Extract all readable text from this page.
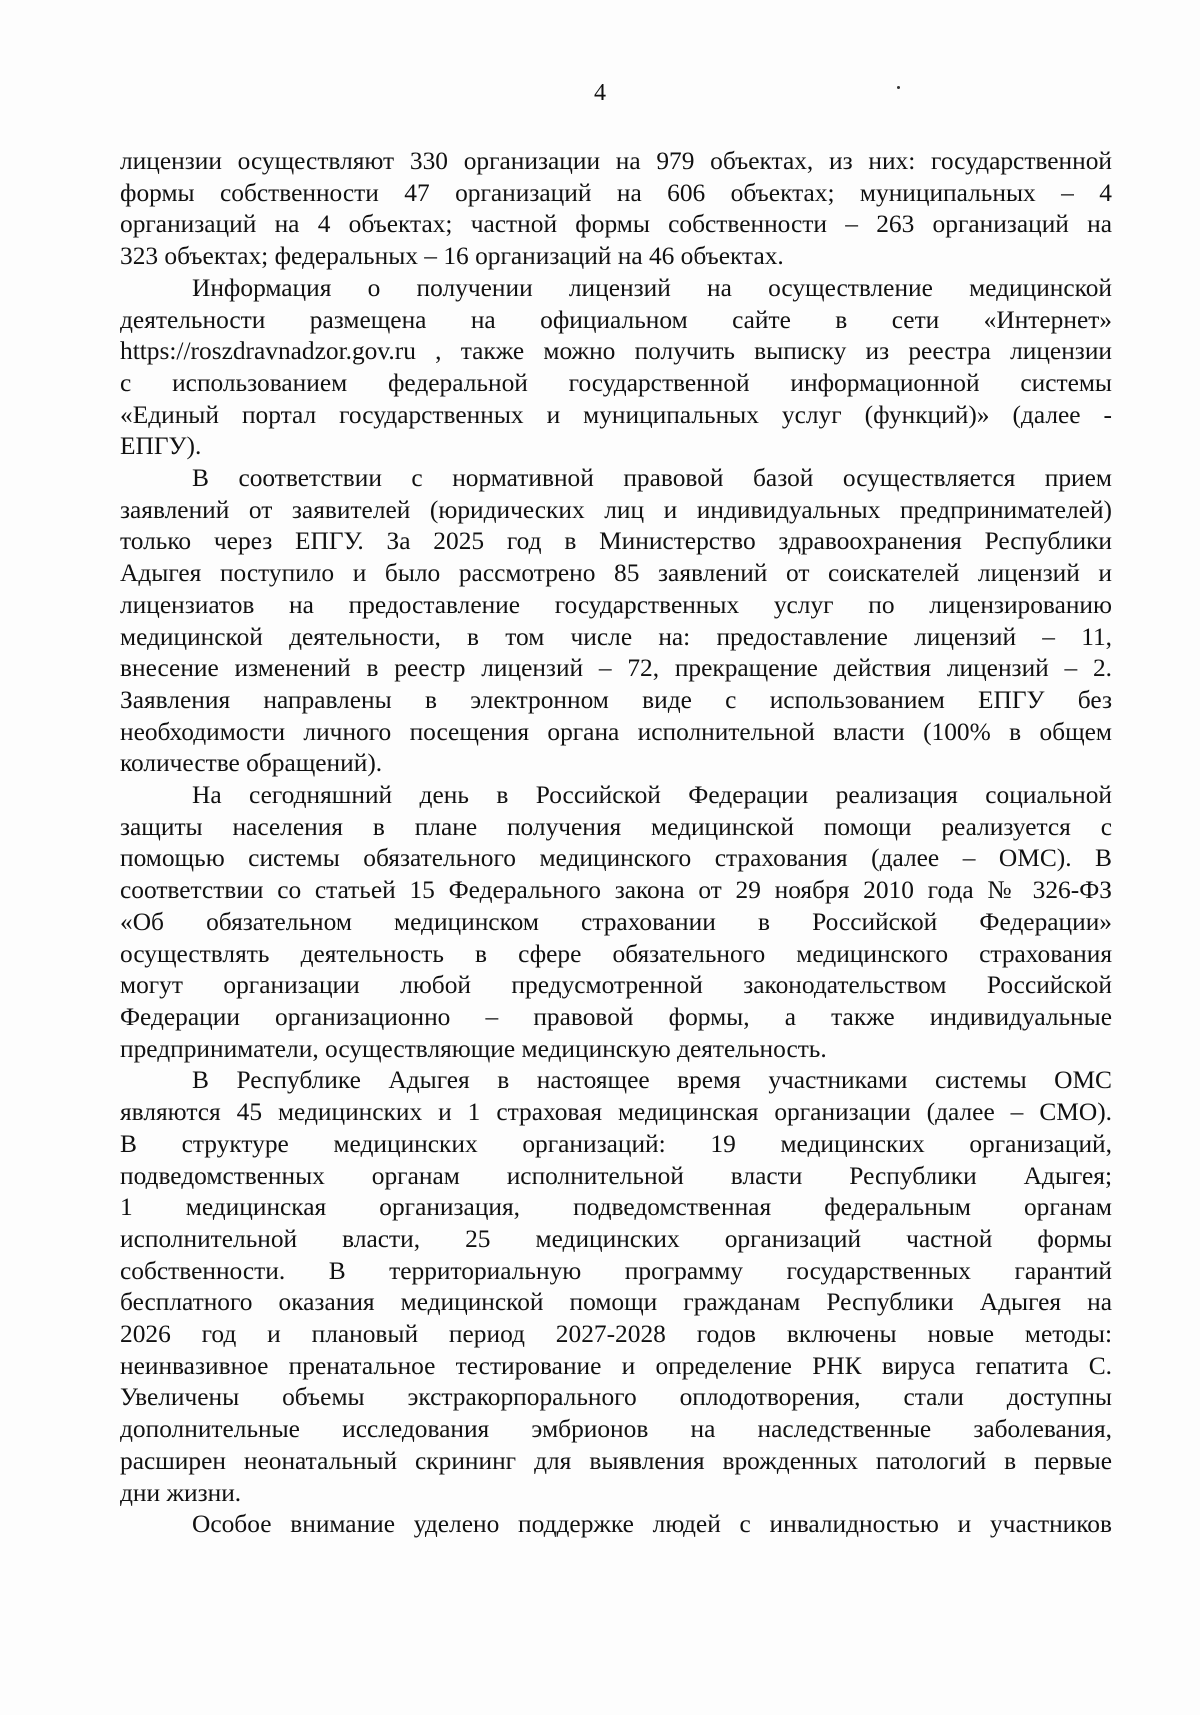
4
лицензии осуществляют 330 организации на 979 объектах, из них: государственной
формы собственности 47 организаций на 606 объектах; муниципальных – 4
организаций на 4 объектах; частной формы собственности – 263 организаций на
323 объектах; федеральных – 16 организаций на 46 объектах.
Информация о получении лицензий на осуществление медицинской
деятельности размещена на официальном сайте в сети «Интернет»
https://roszdravnadzor.gov.ru , также можно получить выписку из реестра лицензии
с использованием федеральной государственной информационной системы
«Единый портал государственных и муниципальных услуг (функций)» (далее -
ЕПГУ).
В соответствии с нормативной правовой базой осуществляется прием
заявлений от заявителей (юридических лиц и индивидуальных предпринимателей)
только через ЕПГУ. За 2025 год в Министерство здравоохранения Республики
Адыгея поступило и было рассмотрено 85 заявлений от соискателей лицензий и
лицензиатов на предоставление государственных услуг по лицензированию
медицинской деятельности, в том числе на: предоставление лицензий – 11,
внесение изменений в реестр лицензий – 72, прекращение действия лицензий – 2.
Заявления направлены в электронном виде с использованием ЕПГУ без
необходимости личного посещения органа исполнительной власти (100% в общем
количестве обращений).
На сегодняшний день в Российской Федерации реализация социальной
защиты населения в плане получения медицинской помощи реализуется с
помощью системы обязательного медицинского страхования (далее – ОМС). В
соответствии со статьей 15 Федерального закона от 29 ноября 2010 года № 326-ФЗ
«Об обязательном медицинском страховании в Российской Федерации»
осуществлять деятельность в сфере обязательного медицинского страхования
могут организации любой предусмотренной законодательством Российской
Федерации организационно – правовой формы, а также индивидуальные
предприниматели, осуществляющие медицинскую деятельность.
В Республике Адыгея в настоящее время участниками системы ОМС
являются 45 медицинских и 1 страховая медицинская организации (далее – СМО).
В структуре медицинских организаций: 19 медицинских организаций,
подведомственных органам исполнительной власти Республики Адыгея;
1 медицинская организация, подведомственная федеральным органам
исполнительной власти, 25 медицинских организаций частной формы
собственности. В территориальную программу государственных гарантий
бесплатного оказания медицинской помощи гражданам Республики Адыгея на
2026 год и плановый период 2027-2028 годов включены новые методы:
неинвазивное пренатальное тестирование и определение РНК вируса гепатита С.
Увеличены объемы экстракорпорального оплодотворения, стали доступны
дополнительные исследования эмбрионов на наследственные заболевания,
расширен неонатальный скрининг для выявления врожденных патологий в первые
дни жизни.
Особое внимание уделено поддержке людей с инвалидностью и участников
